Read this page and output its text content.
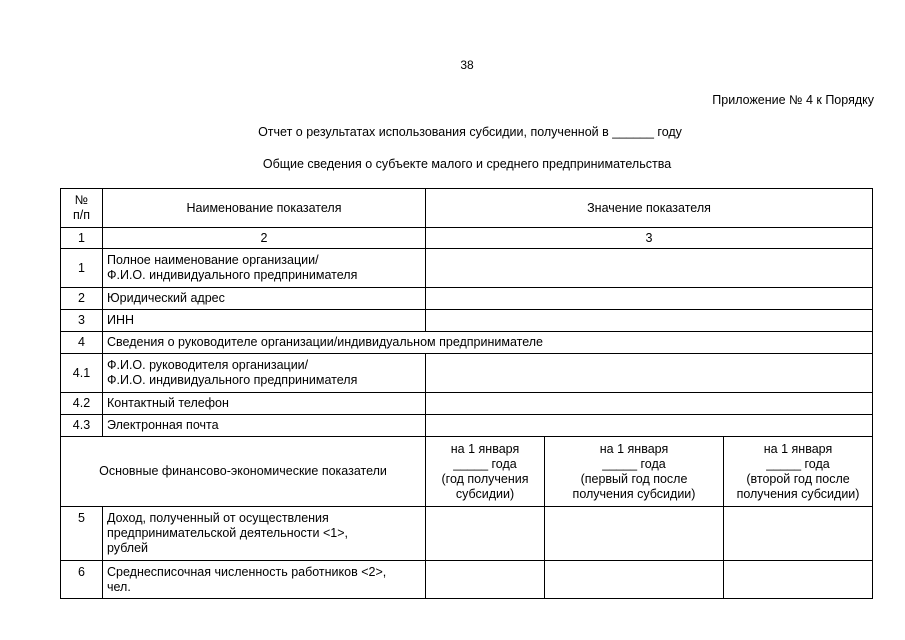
38
Приложение № 4 к Порядку
Отчет о результатах использования субсидии, полученной в ______ году
Общие сведения о субъекте малого и среднего предпринимательства
№
п/п	Наименование показателя	Значение показателя		
1	2	3		
1	Полное наименование организации/
Ф.И.О. индивидуального предпринимателя			

2	Юридический адрес			
3	ИНН			
4	Сведения о руководителе организации/индивидуальном предпринимателе			
4.1	Ф.И.О. руководителя организации/
Ф.И.О. индивидуального предпринимателя			

4.2	Контактный телефон			
4.3	Электронная почта			
Основные финансово-экономические показатели		на 1 января
_____ года
(год получения
субсидии)	на 1 января
_____ года
(первый год после
получения субсидии)	на 1 января
_____ года
(второй год после
получения субсидии)

5	Доход, полученный от осуществления
предпринимательской деятельности <1>,
рублей			

6	Среднесписочная численность работников <2>,
чел.			
